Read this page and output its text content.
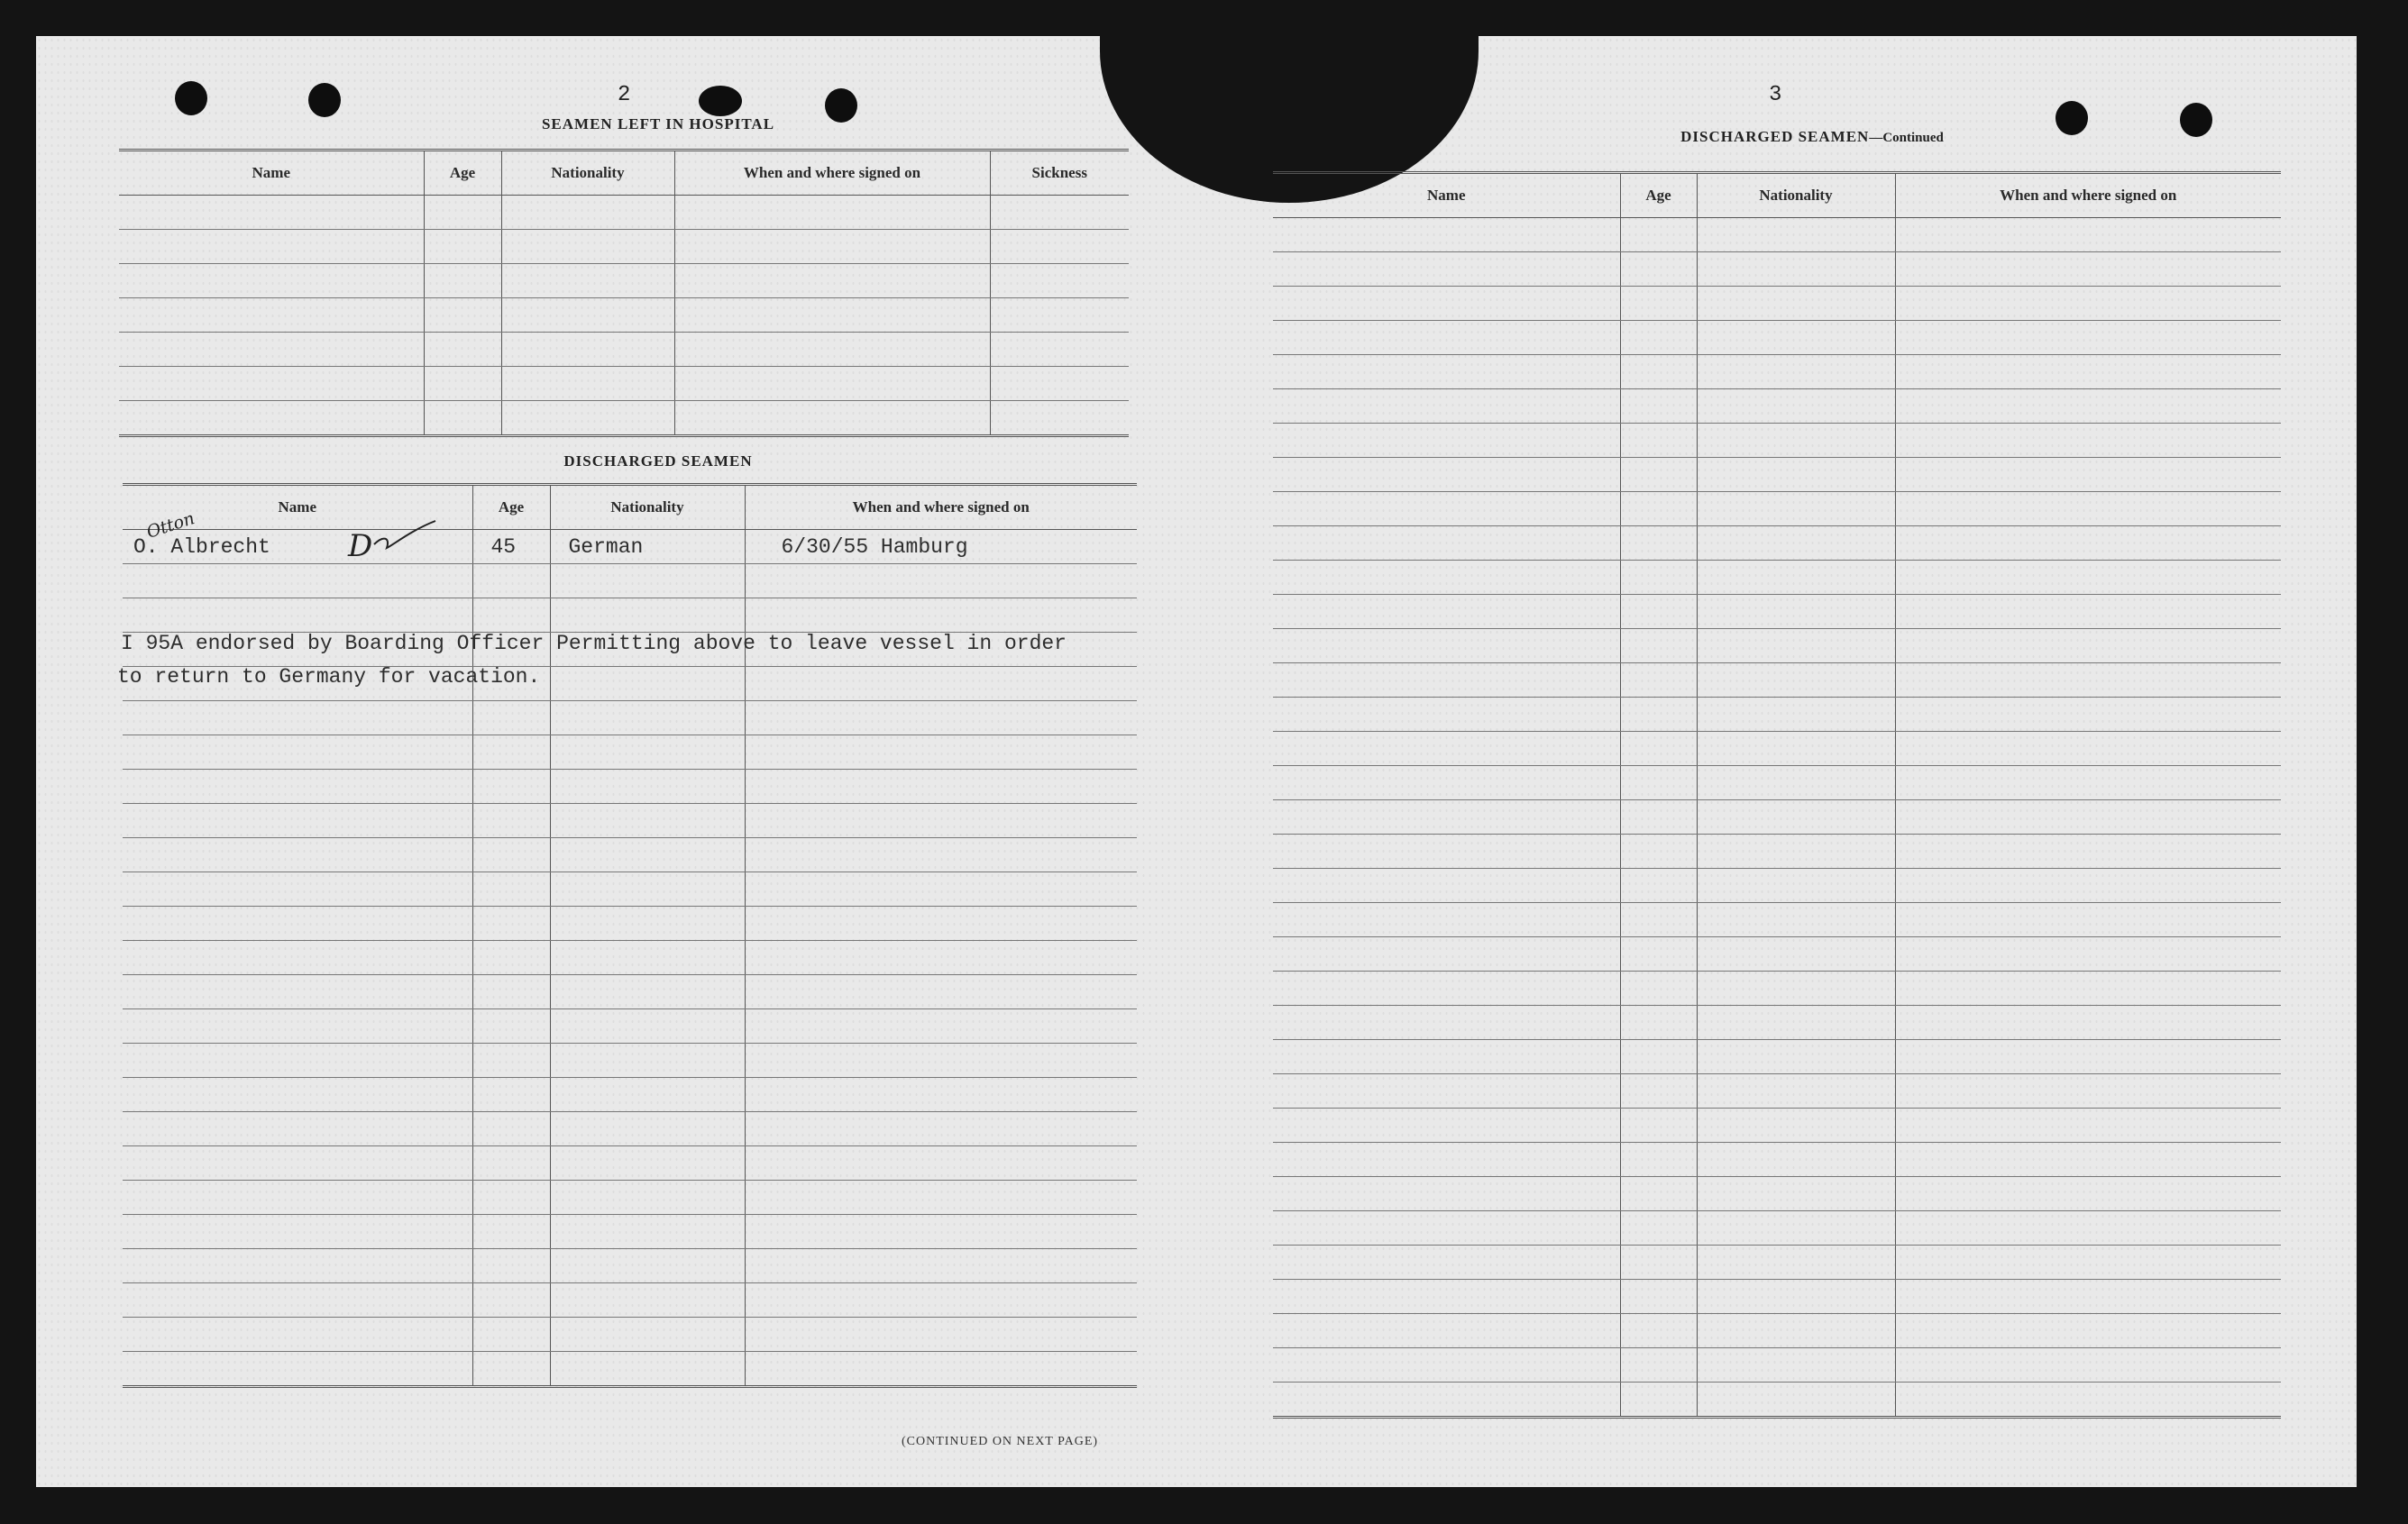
2
SEAMEN LEFT IN HOSPITAL
Name	Age	Nationality	When and where signed on	Sickness

DISCHARGED SEAMEN
Name	Age	Nationality	When and where signed on

Otton
O. Albrecht D	45	German	6/30/55 Hamburg

I 95A endorsed by Boarding Officer Permitting above to leave vessel in order
to return to Germany for vacation.
(CONTINUED ON NEXT PAGE)
3
DISCHARGED SEAMEN—Continued
Name	Age	Nationality	When and where signed on
